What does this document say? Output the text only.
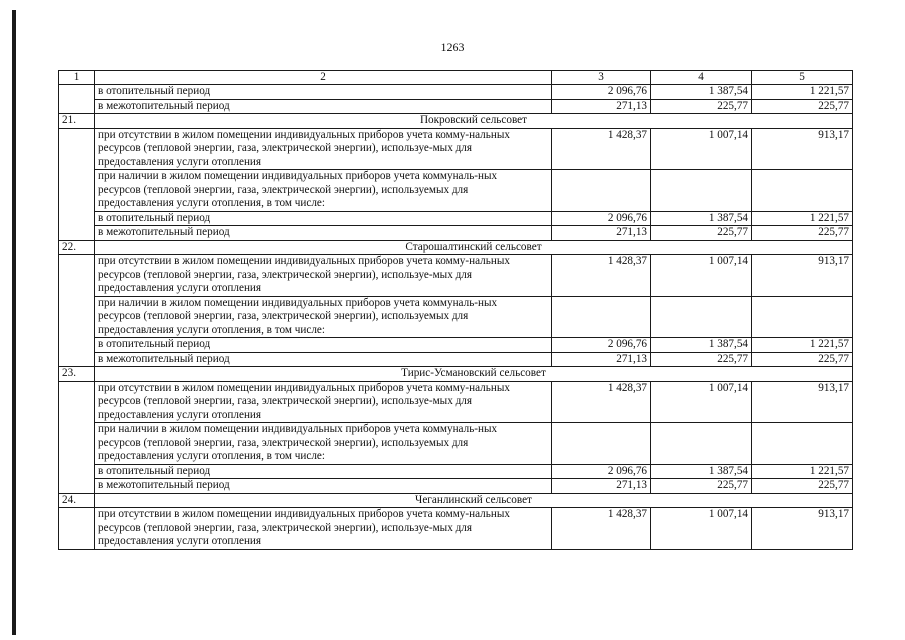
1263
1	2	3	4	5

	в отопительный период	2 096,76	1 387,54	1 221,57

	в межотопительный период	271,13	225,77	225,77
21.	Покровский сельсовет			

	при отсутствии в жилом помещении индивидуальных приборов учета комму-нальных ресурсов (тепловой энергии, газа, электрической энергии), используе-мых для предоставления услуги отопления	1 428,37	1 007,14	913,17

	при наличии в жилом помещении индивидуальных приборов учета коммуналь-ных ресурсов (тепловой энергии, газа, электрической энергии), используемых для предоставления услуги отопления, в том числе:			

	в отопительный период	2 096,76	1 387,54	1 221,57

	в межотопительный период	271,13	225,77	225,77
22.	Старошалтинский сельсовет			

	при отсутствии в жилом помещении индивидуальных приборов учета комму-нальных ресурсов (тепловой энергии, газа, электрической энергии), используе-мых для предоставления услуги отопления	1 428,37	1 007,14	913,17

	при наличии в жилом помещении индивидуальных приборов учета коммуналь-ных ресурсов (тепловой энергии, газа, электрической энергии), используемых для предоставления услуги отопления, в том числе:			

	в отопительный период	2 096,76	1 387,54	1 221,57

	в межотопительный период	271,13	225,77	225,77
23.	Тирис-Усмановский сельсовет			

	при отсутствии в жилом помещении индивидуальных приборов учета комму-нальных ресурсов (тепловой энергии, газа, электрической энергии), используе-мых для предоставления услуги отопления	1 428,37	1 007,14	913,17

	при наличии в жилом помещении индивидуальных приборов учета коммуналь-ных ресурсов (тепловой энергии, газа, электрической энергии), используемых для предоставления услуги отопления, в том числе:			

	в отопительный период	2 096,76	1 387,54	1 221,57

	в межотопительный период	271,13	225,77	225,77
24.	Чеганлинский сельсовет			

	при отсутствии в жилом помещении индивидуальных приборов учета комму-нальных ресурсов (тепловой энергии, газа, электрической энергии), используе-мых для предоставления услуги отопления	1 428,37	1 007,14	913,17
